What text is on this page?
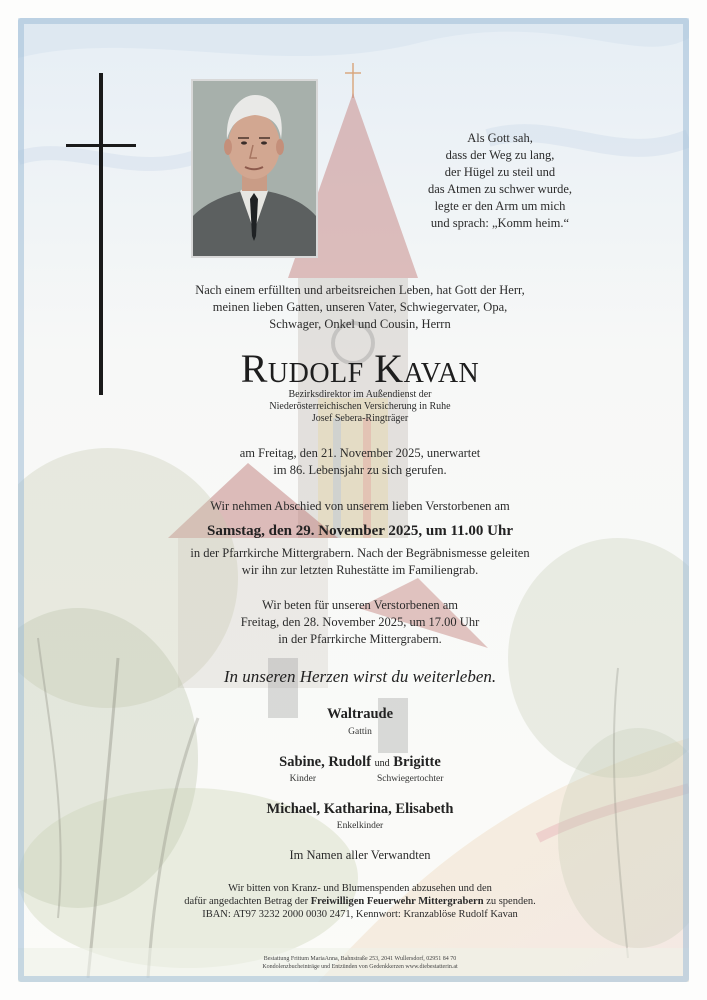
Als Gott sah,
dass der Weg zu lang,
der Hügel zu steil und
das Atmen zu schwer wurde,
legte er den Arm um mich
und sprach: „Komm heim.“
Nach einem erfüllten und arbeitsreichen Leben, hat Gott der Herr,
meinen lieben Gatten, unseren Vater, Schwiegervater, Opa,
Schwager, Onkel und Cousin, Herrn
Rudolf Kavan
Bezirksdirektor im Außendienst der
Niederösterreichischen Versicherung in Ruhe
Josef Sebera-Ringträger
am Freitag, den 21. November 2025, unerwartet
im 86. Lebensjahr zu sich gerufen.
Wir nehmen Abschied von unserem lieben Verstorbenen am
Samstag, den 29. November 2025, um 11.00 Uhr
in der Pfarrkirche Mittergrabern. Nach der Begräbnismesse geleiten
wir ihn zur letzten Ruhestätte im Familiengrab.
Wir beten für unseren Verstorbenen am
Freitag, den 28. November 2025, um 17.00 Uhr
in der Pfarrkirche Mittergrabern.
In unseren Herzen wirst du weiterleben.
Waltraude
Gattin
Sabine, Rudolf und Brigitte
Kinder	Schwiegertochter
Michael, Katharina, Elisabeth
Enkelkinder
Im Namen aller Verwandten
Wir bitten von Kranz- und Blumenspenden abzusehen und den
dafür angedachten Betrag der Freiwilligen Feuerwehr Mittergrabern zu spenden.
IBAN: AT97 3232 2000 0030 2471, Kennwort: Kranzablöse Rudolf Kavan
Bestattung Frittum MariaAnna, Bahnstraße 253, 2041 Wullersdorf, 02951 84 70
Kondolenzbucheinträge und Entzünden von Gedenkkerzen www.diebestatterin.at
